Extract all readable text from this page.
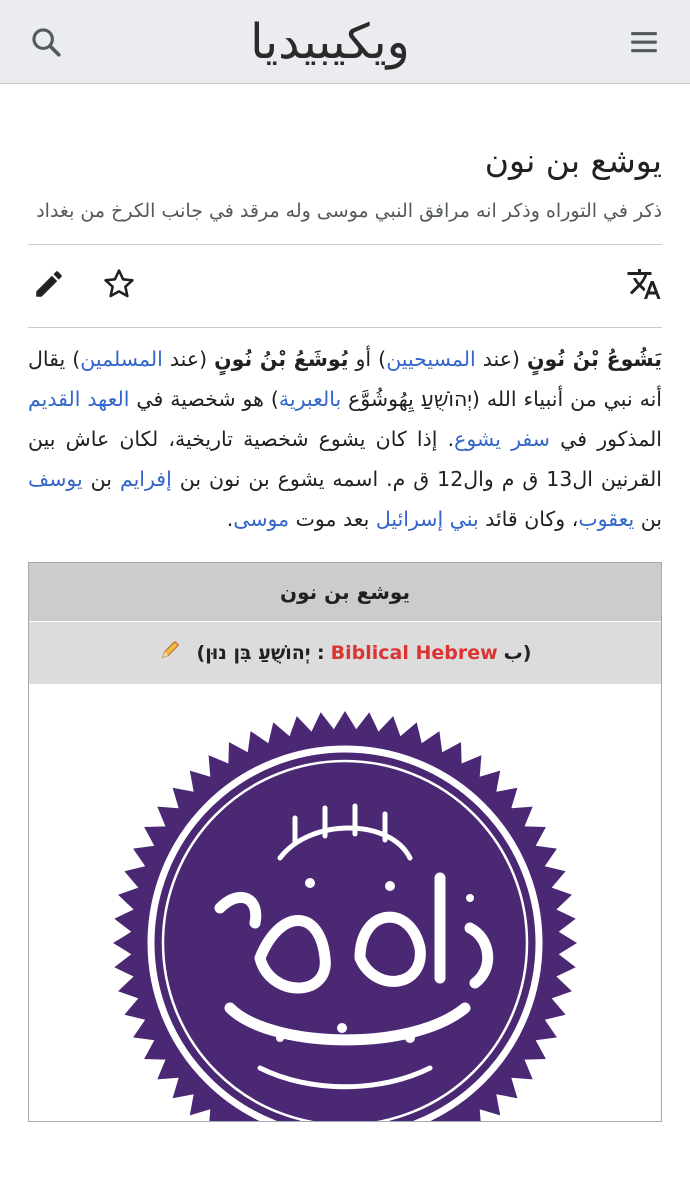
ويكيبيديا
يوشع بن نون
ذكر في التوراه وذكر انه مرافق النبي موسى وله مرقد في جانب الكرخ من بغداد

يَشُوعُ بْنُ نُونٍ (عند المسيحيين) أو يُوشَعُ بْنُ نُونٍ (عند المسلمين) يقال أنه نبي من أنبياء الله (יְהוֹשֻׁעַ يِهُوشُوَّع بالعبرية) هو شخصية في العهد القديم المذكور في سفر يشوع. إذا كان يشوع شخصية تاريخية، لكان عاش بين القرنين ال13 ق م وال12 ق م. اسمه يشوع بن نون بن إفرايم بن يوسف بن يعقوب، وكان قائد بني إسرائيل بعد موت موسى.

يوشع بن نون
(ب
Biblical Hebrew
: יְהוֹשֻׁעַ בִּן נוּן)
